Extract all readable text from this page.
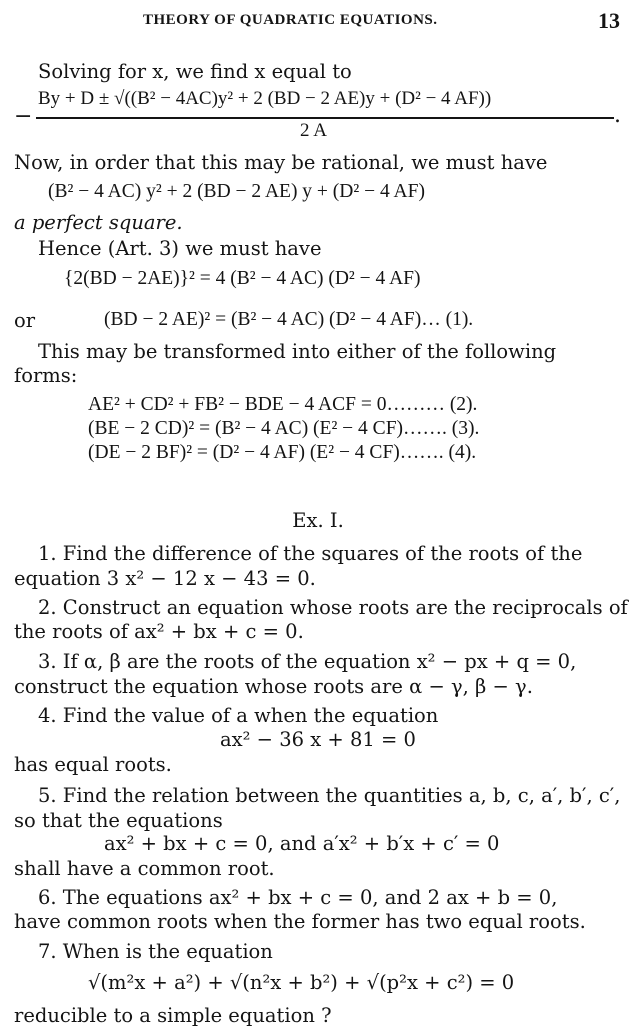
THEORY OF QUADRATIC EQUATIONS.	13
Solving for x, we find x equal to
−
By + D ± √((B² − 4AC)y² + 2 (BD − 2 AE)y + (D² − 4 AF))
.
2 A
Now, in order that this may be rational, we must have
(B² − 4 AC) y² + 2 (BD − 2 AE) y + (D² − 4 AF)
a perfect square.
Hence (Art. 3) we must have
{2(BD − 2AE)}² = 4 (B² − 4 AC) (D² − 4 AF)
or	(BD − 2 AE)² = (B² − 4 AC) (D² − 4 AF)… (1).
This may be transformed into either of the following
forms:
AE² + CD² + FB² − BDE − 4 ACF = 0……… (2).
(BE − 2 CD)² = (B² − 4 AC) (E² − 4 CF)……. (3).
(DE − 2 BF)² = (D² − 4 AF) (E² − 4 CF)……. (4).
Ex. I.
1. Find the difference of the squares of the roots of the
equation 3 x² − 12 x − 43 = 0.
2. Construct an equation whose roots are the reciprocals of
the roots of ax² + bx + c = 0.
3. If α, β are the roots of the equation x² − px + q = 0,
construct the equation whose roots are α − γ, β − γ.
4. Find the value of a when the equation
ax² − 36 x + 81 = 0
has equal roots.
5. Find the relation between the quantities a, b, c, a′, b′, c′,
so that the equations
ax² + bx + c = 0, and a′x² + b′x + c′ = 0
shall have a common root.
6. The equations ax² + bx + c = 0, and 2 ax + b = 0,
have common roots when the former has two equal roots.
7. When is the equation
√(m²x + a²) + √(n²x + b²) + √(p²x + c²) = 0
reducible to a simple equation ?
